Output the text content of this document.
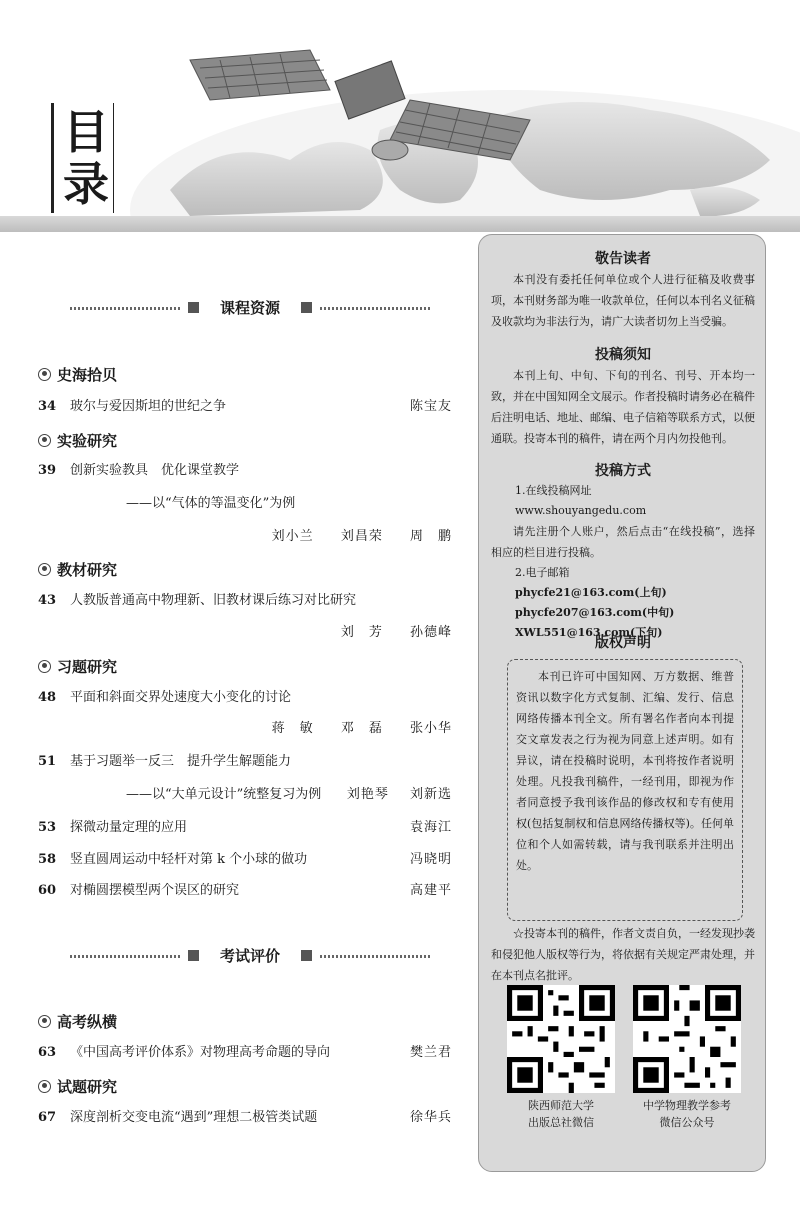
目
录
课程资源
史海拾贝
34	玻尔与爱因斯坦的世纪之争	陈宝友
实验研究
39	创新实验教具　优化课堂教学
——以“气体的等温变化”为例
刘小兰 刘昌荣 周　鹏
教材研究
43	人教版普通高中物理新、旧教材课后练习对比研究
刘　芳 孙德峰
习题研究
48	平面和斜面交界处速度大小变化的讨论
蒋　敏 邓　磊 张小华
51	基于习题举一反三　提升学生解题能力
——以“大单元设计”统整复习为例 刘艳琴 刘新选
53	探微动量定理的应用	袁海江
58	竖直圆周运动中轻杆对第 k 个小球的做功	冯晓明
60	对椭圆摆模型两个误区的研究	高建平
考试评价
高考纵横
63	《中国高考评价体系》对物理高考命题的导向	樊兰君
试题研究
67	深度剖析交变电流“遇到”理想二极管类试题	徐华兵
敬告读者
本刊没有委托任何单位或个人进行征稿及收费事项，本刊财务部为唯一收款单位，任何以本刊名义征稿及收款均为非法行为，请广大读者切勿上当受骗。
投稿须知
本刊上旬、中旬、下旬的刊名、刊号、开本均一致，并在中国知网全文展示。作者投稿时请务必在稿件后注明电话、地址、邮编、电子信箱等联系方式，以便通联。投寄本刊的稿件，请在两个月内勿投他刊。
投稿方式
1.在线投稿网址
www.shouyangedu.com
请先注册个人账户，然后点击“在线投稿”，选择相应的栏目进行投稿。
2.电子邮箱
phycfe21@163.com(上旬)
phycfe207@163.com(中旬)
XWL551@163.com(下旬)
版权声明
本刊已许可中国知网、万方数据、维普资讯以数字化方式复制、汇编、发行、信息网络传播本刊全文。所有署名作者向本刊提交文章发表之行为视为同意上述声明。如有异议，请在投稿时说明，本刊将按作者说明处理。凡投我刊稿件，一经刊用，即视为作者同意授予我刊该作品的修改权和专有使用权(包括复制权和信息网络传播权等)。任何单位和个人如需转载，请与我刊联系并注明出处。
☆投寄本刊的稿件，作者文责自负，一经发现抄袭和侵犯他人版权等行为，将依据有关规定严肃处理，并在本刊点名批评。
陕西师范大学
出版总社微信
中学物理教学参考
微信公众号
